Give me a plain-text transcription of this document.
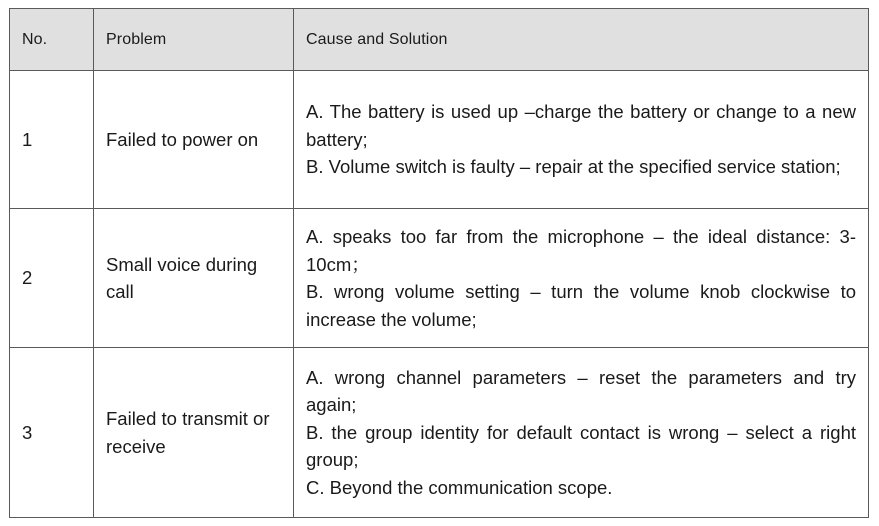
No.	Problem	Cause and Solution
1	Failed to power on	A. The battery is used up –charge the battery or change to a new battery;
B. Volume switch is faulty – repair at the specified service station;

2	Small voice during call	A. speaks too far from the microphone – the ideal distance: 3-10cm；
B. wrong volume setting – turn the volume knob clockwise to increase the volume;

3	Failed to transmit or receive	A. wrong channel parameters – reset the parameters and try again;
B. the group identity for default contact is wrong – select a right group;
C. Beyond the communication scope.
